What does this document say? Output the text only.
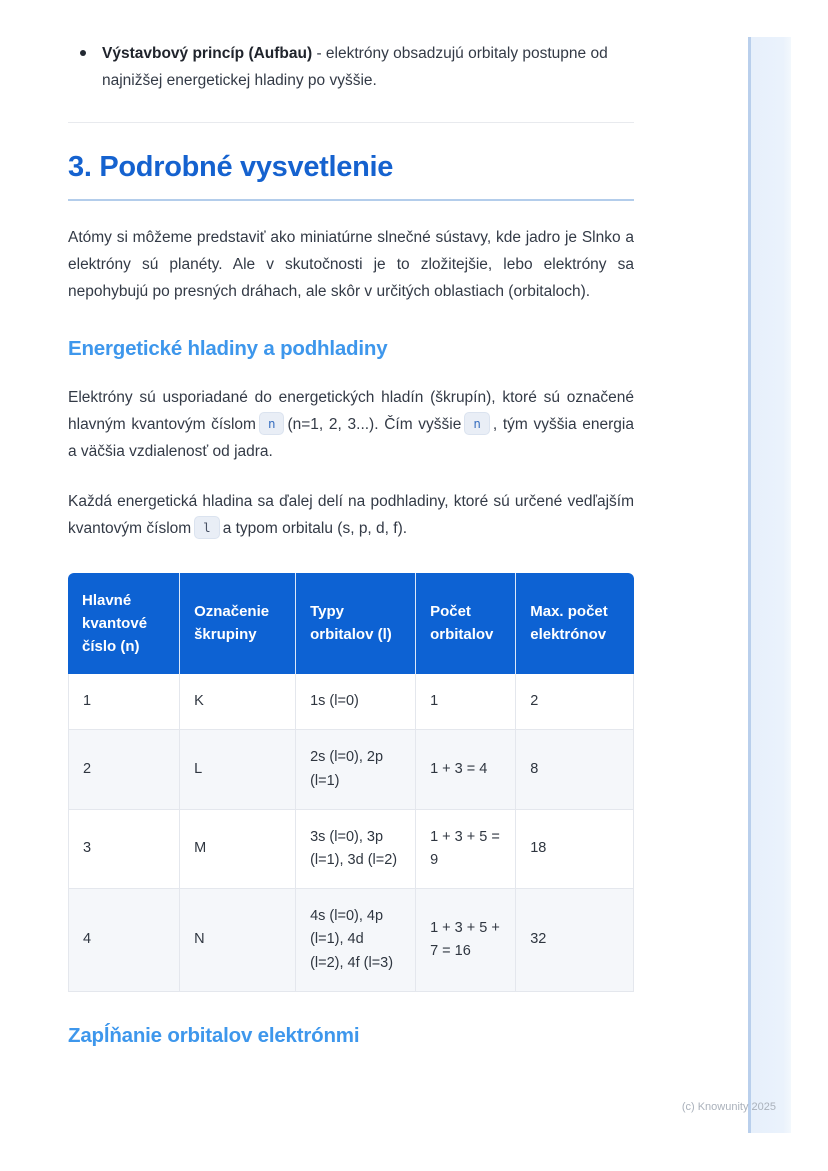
Výstavbový princíp (Aufbau) - elektróny obsadzujú orbitaly postupne od najnižšej energetickej hladiny po vyššie.
3. Podrobné vysvetlenie

Atómy si môžeme predstaviť ako miniatúrne slnečné sústavy, kde jadro je Slnko a elektróny sú planéty. Ale v skutočnosti je to zložitejšie, lebo elektróny sa nepohybujú po presných dráhach, ale skôr v určitých oblastiach (orbitaloch).

Energetické hladiny a podhladiny

Elektróny sú usporiadané do energetických hladín (škrupín), ktoré sú označené hlavným kvantovým číslom n (n=1, 2, 3...). Čím vyššie n , tým vyššia energia a väčšia vzdialenosť od jadra.

Každá energetická hladina sa ďalej delí na podhladiny, ktoré sú určené vedľajším kvantovým číslom l a typom orbitalu (s, p, d, f).

Hlavné kvantové číslo (n)	Označenie škrupiny	Typy orbitalov (l)	Počet orbitalov	Max. počet elektrónov
1	K	1s (l=0)	1	2
2	L	2s (l=0), 2p (l=1)	1 + 3 = 4	8
3	M	3s (l=0), 3p (l=1), 3d (l=2)	1 + 3 + 5 = 9	18
4	N	4s (l=0), 4p (l=1), 4d (l=2), 4f (l=3)	1 + 3 + 5 + 7 = 16	32
Zapĺňanie orbitalov elektrónmi
(c) Knowunity 2025
